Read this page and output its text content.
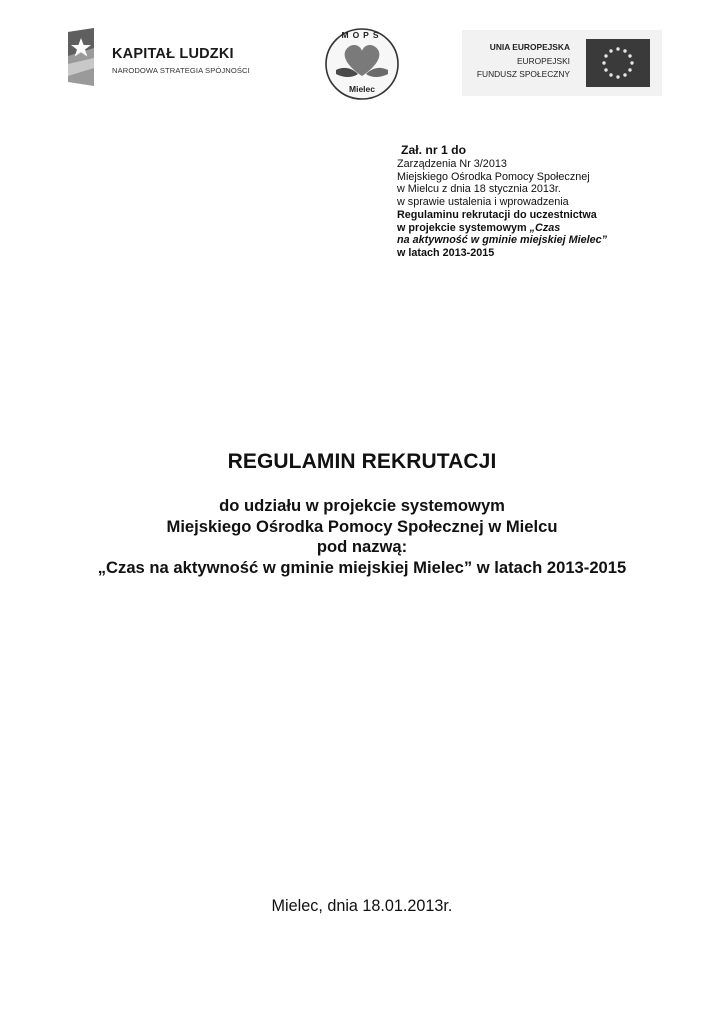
KAPITAŁ LUDZKI
NARODOWA STRATEGIA SPÓJNOŚCI
MOPS
Mielec
UNIA EUROPEJSKA
EUROPEJSKI
FUNDUSZ SPOŁECZNY
Zał. nr 1 do
Zarządzenia Nr 3/2013
Miejskiego Ośrodka Pomocy Społecznej
w Mielcu z dnia 18 stycznia 2013r.
w sprawie ustalenia i wprowadzenia
Regulaminu rekrutacji do uczestnictwa
w projekcie systemowym „Czas
na aktywność w gminie miejskiej Mielec”
w latach 2013-2015
REGULAMIN REKRUTACJI
do udziału w projekcie systemowym
Miejskiego Ośrodka Pomocy Społecznej w Mielcu
pod nazwą:
„Czas na aktywność w gminie miejskiej Mielec” w latach 2013-2015
Mielec, dnia 18.01.2013r.
